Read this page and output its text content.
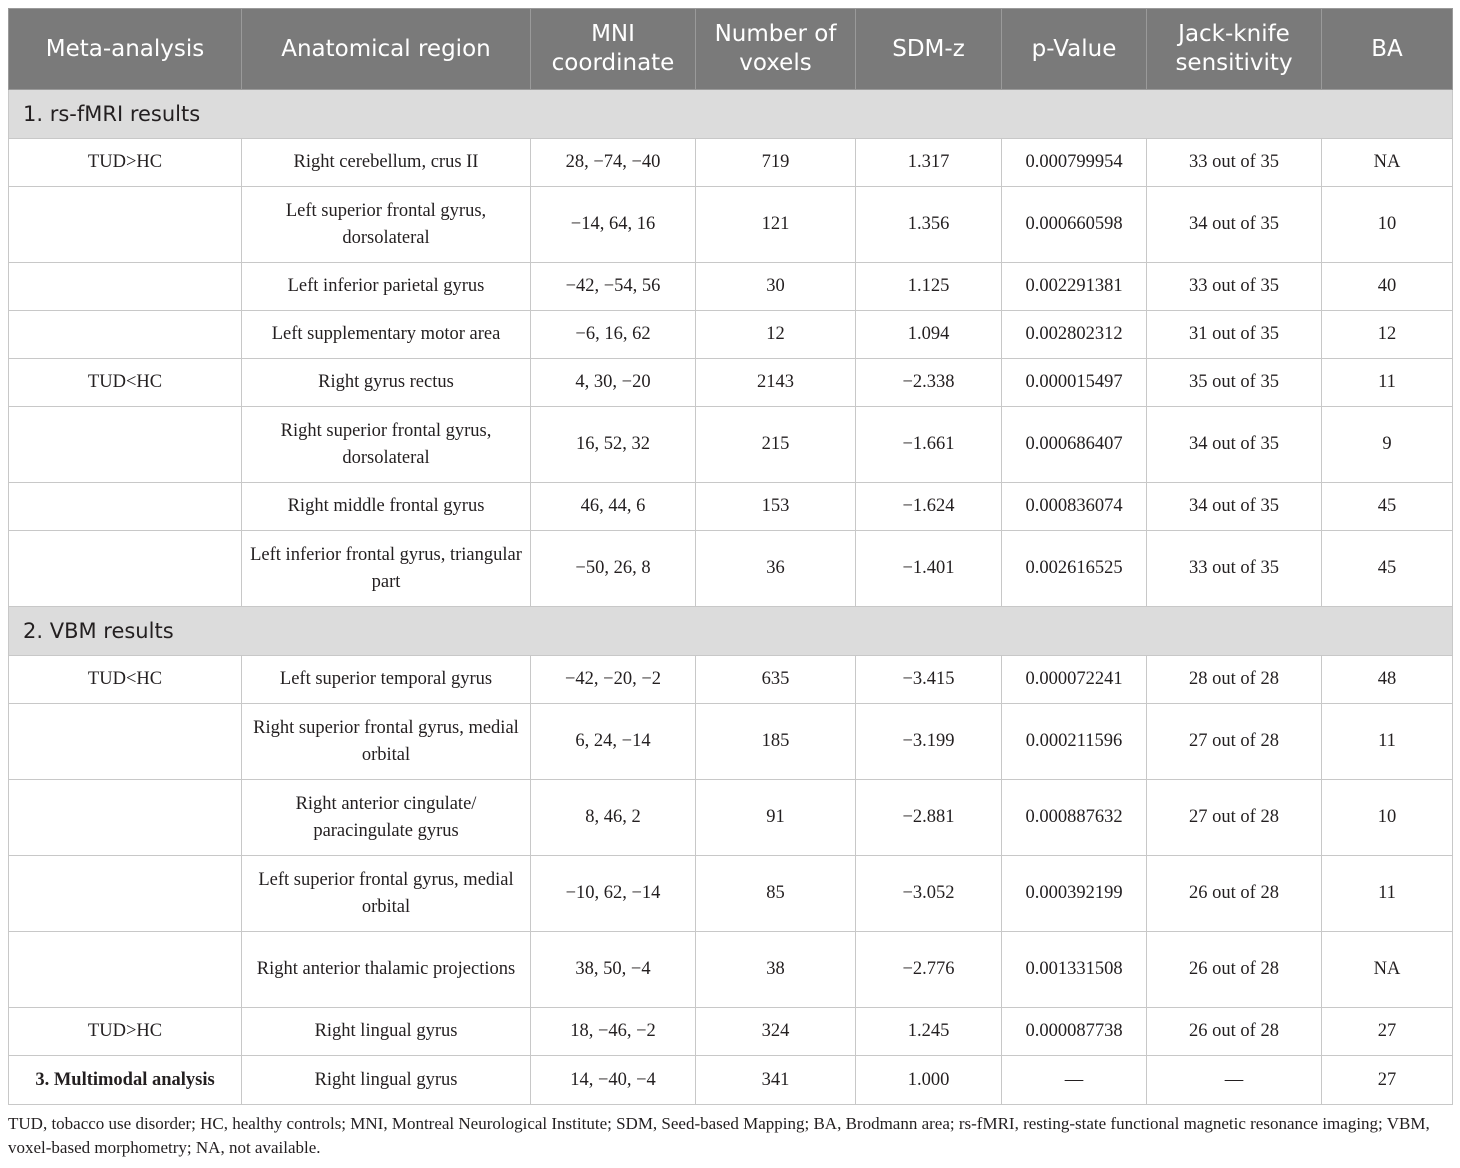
Meta-analysis	Anatomical region	MNI coordinate	Number of voxels	SDM-z	p-Value	Jack-knife sensitivity	BA
1. rs-fMRI results							
TUD>HC	Right cerebellum, crus II	28, −74, −40	719	1.317	0.000799954	33 out of 35	NA
	Left superior frontal gyrus, dorsolateral	−14, 64, 16	121	1.356	0.000660598	34 out of 35	10
	Left inferior parietal gyrus	−42, −54, 56	30	1.125	0.002291381	33 out of 35	40
	Left supplementary motor area	−6, 16, 62	12	1.094	0.002802312	31 out of 35	12
TUD<HC	Right gyrus rectus	4, 30, −20	2143	−2.338	0.000015497	35 out of 35	11
	Right superior frontal gyrus, dorsolateral	16, 52, 32	215	−1.661	0.000686407	34 out of 35	9
	Right middle frontal gyrus	46, 44, 6	153	−1.624	0.000836074	34 out of 35	45
	Left inferior frontal gyrus, triangular part	−50, 26, 8	36	−1.401	0.002616525	33 out of 35	45
2. VBM results							
TUD<HC	Left superior temporal gyrus	−42, −20, −2	635	−3.415	0.000072241	28 out of 28	48
	Right superior frontal gyrus, medial orbital	6, 24, −14	185	−3.199	0.000211596	27 out of 28	11
	Right anterior cingulate/ paracingulate gyrus	8, 46, 2	91	−2.881	0.000887632	27 out of 28	10
	Left superior frontal gyrus, medial orbital	−10, 62, −14	85	−3.052	0.000392199	26 out of 28	11
	Right anterior thalamic projections	38, 50, −4	38	−2.776	0.001331508	26 out of 28	NA
TUD>HC	Right lingual gyrus	18, −46, −2	324	1.245	0.000087738	26 out of 28	27
3. Multimodal analysis	Right lingual gyrus	14, −40, −4	341	1.000	—	—	27
TUD, tobacco use disorder; HC, healthy controls; MNI, Montreal Neurological Institute; SDM, Seed-based Mapping; BA, Brodmann area; rs-fMRI, resting-state functional magnetic resonance imaging; VBM, voxel-based morphometry; NA, not available.
